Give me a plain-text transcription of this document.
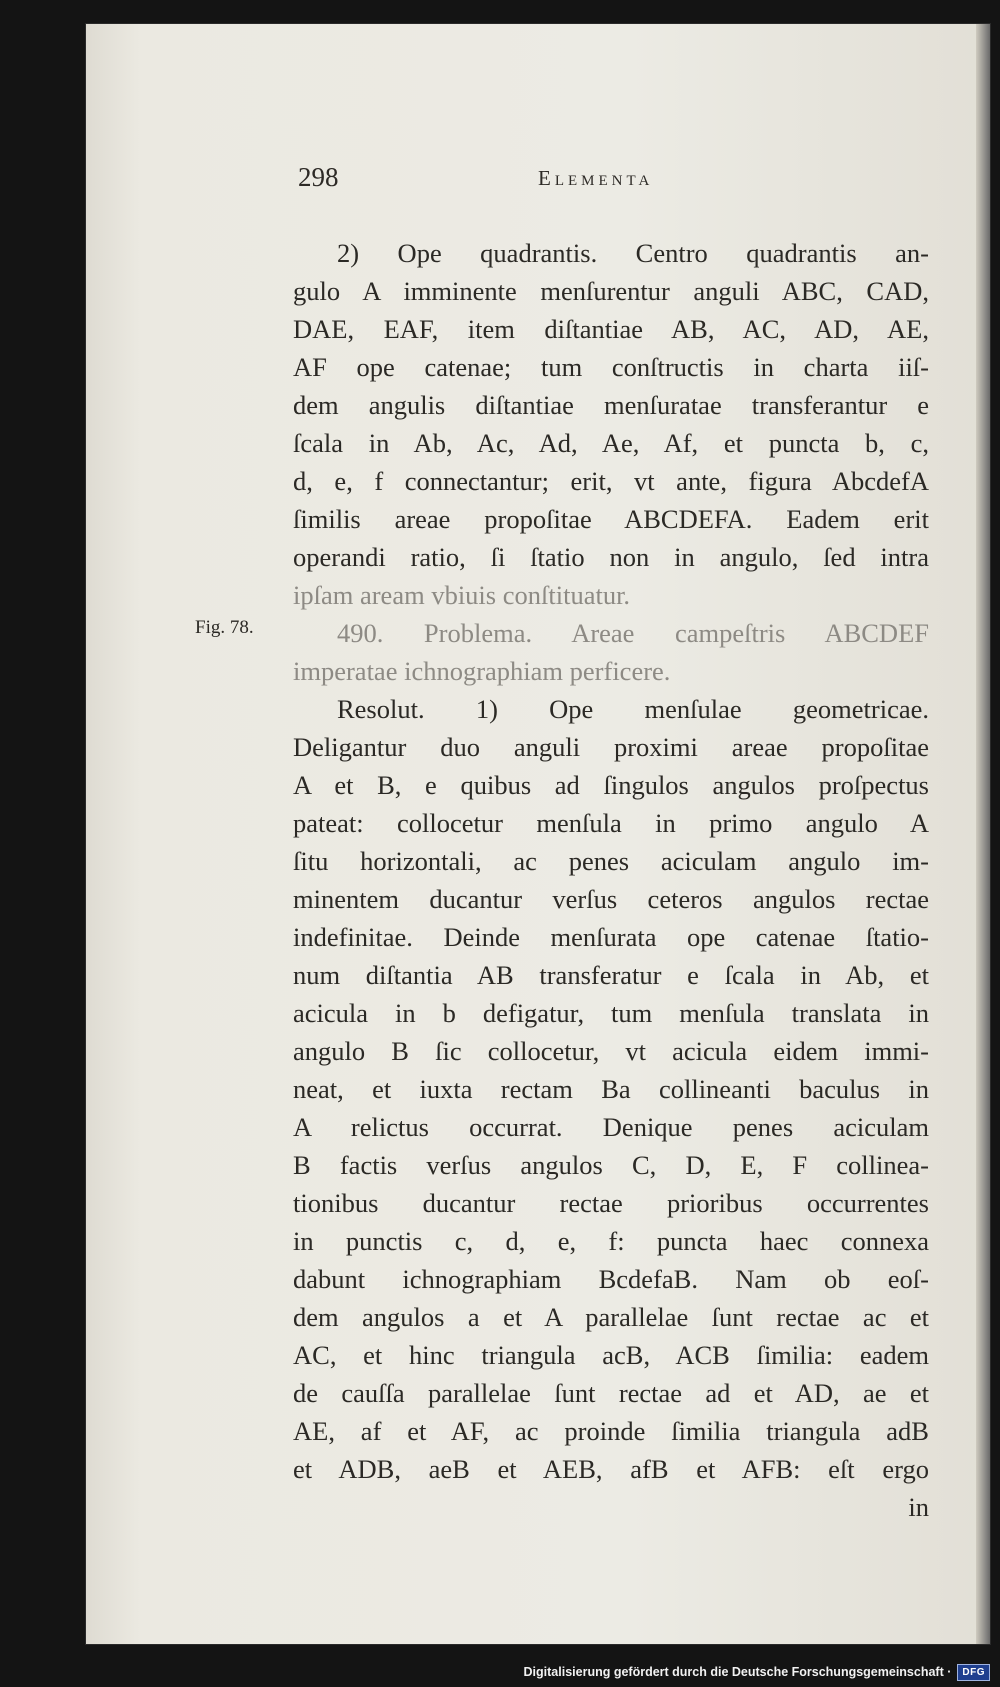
298	Elementa
Fig. 78.
2) Ope quadrantis. Centro quadrantis an-
gulo A imminente menſurentur anguli ABC, CAD,
DAE, EAF, item diſtantiae AB, AC, AD, AE,
AF ope catenae; tum conſtructis in charta iiſ-
dem angulis diſtantiae menſuratae transferantur e
ſcala in Ab, Ac, Ad, Ae, Af, et puncta b, c,
d, e, f connectantur; erit, vt ante, figura AbcdefA
ſimilis areae propoſitae ABCDEFA. Eadem erit
operandi ratio, ſi ſtatio non in angulo, ſed intra
ipſam aream vbiuis conſtituatur.
490. Problema. Areae campeſtris ABCDEF
imperatae ichnographiam perficere.
Resolut. 1) Ope menſulae geometricae.
Deligantur duo anguli proximi areae propoſitae
A et B, e quibus ad ſingulos angulos proſpectus
pateat: collocetur menſula in primo angulo A
ſitu horizontali, ac penes aciculam angulo im-
minentem ducantur verſus ceteros angulos rectae
indefinitae. Deinde menſurata ope catenae ſtatio-
num diſtantia AB transferatur e ſcala in Ab, et
acicula in b defigatur, tum menſula translata in
angulo B ſic collocetur, vt acicula eidem immi-
neat, et iuxta rectam Ba collineanti baculus in
A relictus occurrat. Denique penes aciculam
B factis verſus angulos C, D, E, F collinea-
tionibus ducantur rectae prioribus occurrentes
in punctis c, d, e, f: puncta haec connexa
dabunt ichnographiam BcdefaB. Nam ob eoſ-
dem angulos a et A parallelae ſunt rectae ac et
AC, et hinc triangula acB, ACB ſimilia: eadem
de cauſſa parallelae ſunt rectae ad et AD, ae et
AE, af et AF, ac proinde ſimilia triangula adB
et ADB, aeB et AEB, afB et AFB: eſt ergo
in
Digitalisierung gefördert durch die Deutsche Forschungsgemeinschaft ·	DFG
